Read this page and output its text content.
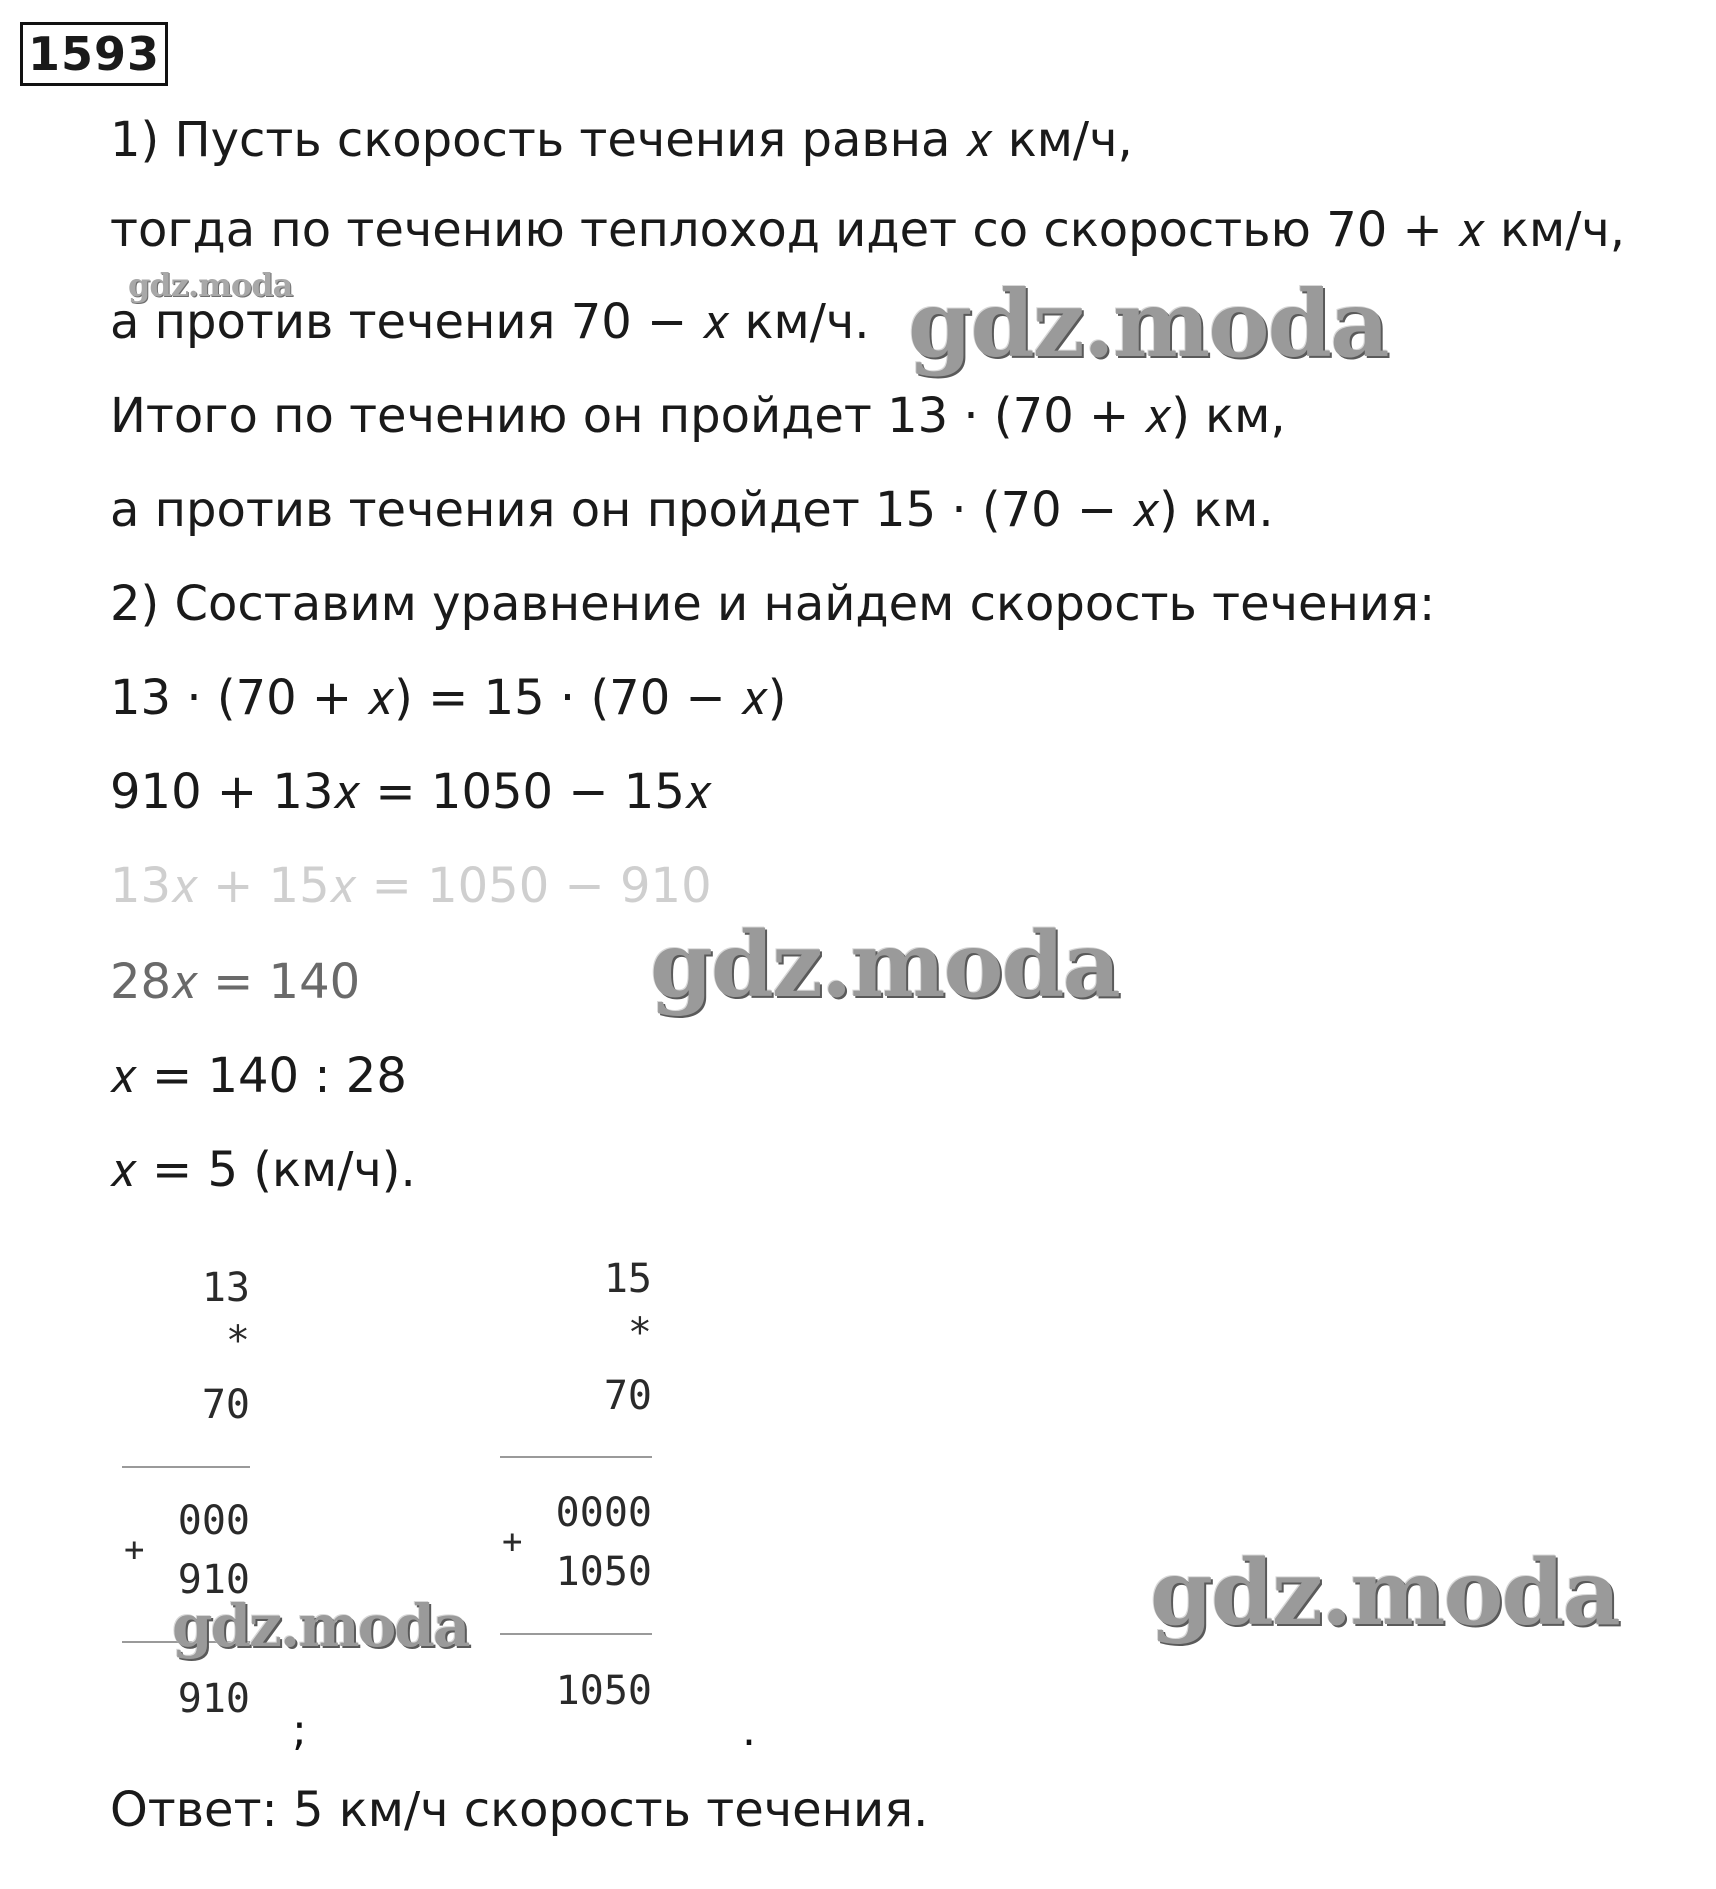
1593
1) Пусть скорость течения равна 𝑥 км/ч,
тогда по течению теплоход идет со скоростью 70 + 𝑥 км/ч,
а против течения 70 − 𝑥 км/ч.
Итого по течению он пройдет 13 · (70 + 𝑥) км,
а против течения он пройдет 15 · (70 − 𝑥) км.
2) Составим уравнение и найдем скорость течения:
13 · (70 + 𝑥) = 15 · (70 − 𝑥)
910 + 13𝑥 = 1050 − 15𝑥
13𝑥 + 15𝑥 = 1050 − 910
28𝑥 = 140
𝑥 = 140 : 28
𝑥 = 5 (км/ч).
13
*
70
000
+
910
910
;
15
*
70
0000
+
1050
1050
.
Ответ: 5 км/ч скорость течения.
gdz.moda	gdz.moda
gdz.moda
gdz.moda	gdz.moda
